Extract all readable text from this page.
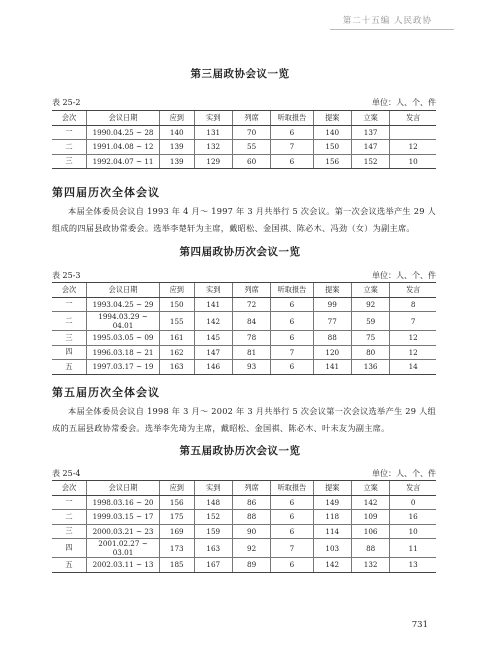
第二十五编 人民政协
第三届政协会议一览
表 25-2	单位：人、个、件
会次	会议日期	应到	实到	列席	听取报告	提案	立案	发言
一	1990.04.25 ~ 28	140	131	70	6	140	137	
二	1991.04.08 ~ 12	139	132	55	7	150	147	12
三	1992.04.07 ~ 11	139	129	60	6	156	152	10
第四届历次全体会议
本届全体委员会议自 1993 年 4 月～ 1997 年 3 月共举行 5 次会议。第一次会议选举产生 29 人组成的四届县政协常委会。选举李楚轩为主席，戴昭松、金国祺、陈必木、冯劲（女）为副主席。
第四届政协历次会议一览
表 25-3	单位：人、个、件
会次	会议日期	应到	实到	列席	听取报告	提案	立案	发言
一	1993.04.25 ~ 29	150	141	72	6	99	92	8
二	1994.03.29 ~ 04.01	155	142	84	6	77	59	7
三	1995.03.05 ~ 09	161	145	78	6	88	75	12
四	1996.03.18 ~ 21	162	147	81	7	120	80	12
五	1997.03.17 ~ 19	163	146	93	6	141	136	14
第五届历次全体会议
本届全体委员会议自 1998 年 3 月～ 2002 年 3 月共举行 5 次会议第一次会议选举产生 29 人组成的五届县政协常委会。选举李先琦为主席，戴昭松、金国祺、陈必木、叶未友为副主席。
第五届政协历次会议一览
表 25-4	单位：人、个、件
会次	会议日期	应到	实到	列席	听取报告	提案	立案	发言
一	1998.03.16 ~ 20	156	148	86	6	149	142	0
二	1999.03.15 ~ 17	175	152	88	6	118	109	16
三	2000.03.21 ~ 23	169	159	90	6	114	106	10
四	2001.02.27 ~ 03.01	173	163	92	7	103	88	11
五	2002.03.11 ~ 13	185	167	89	6	142	132	13
731
